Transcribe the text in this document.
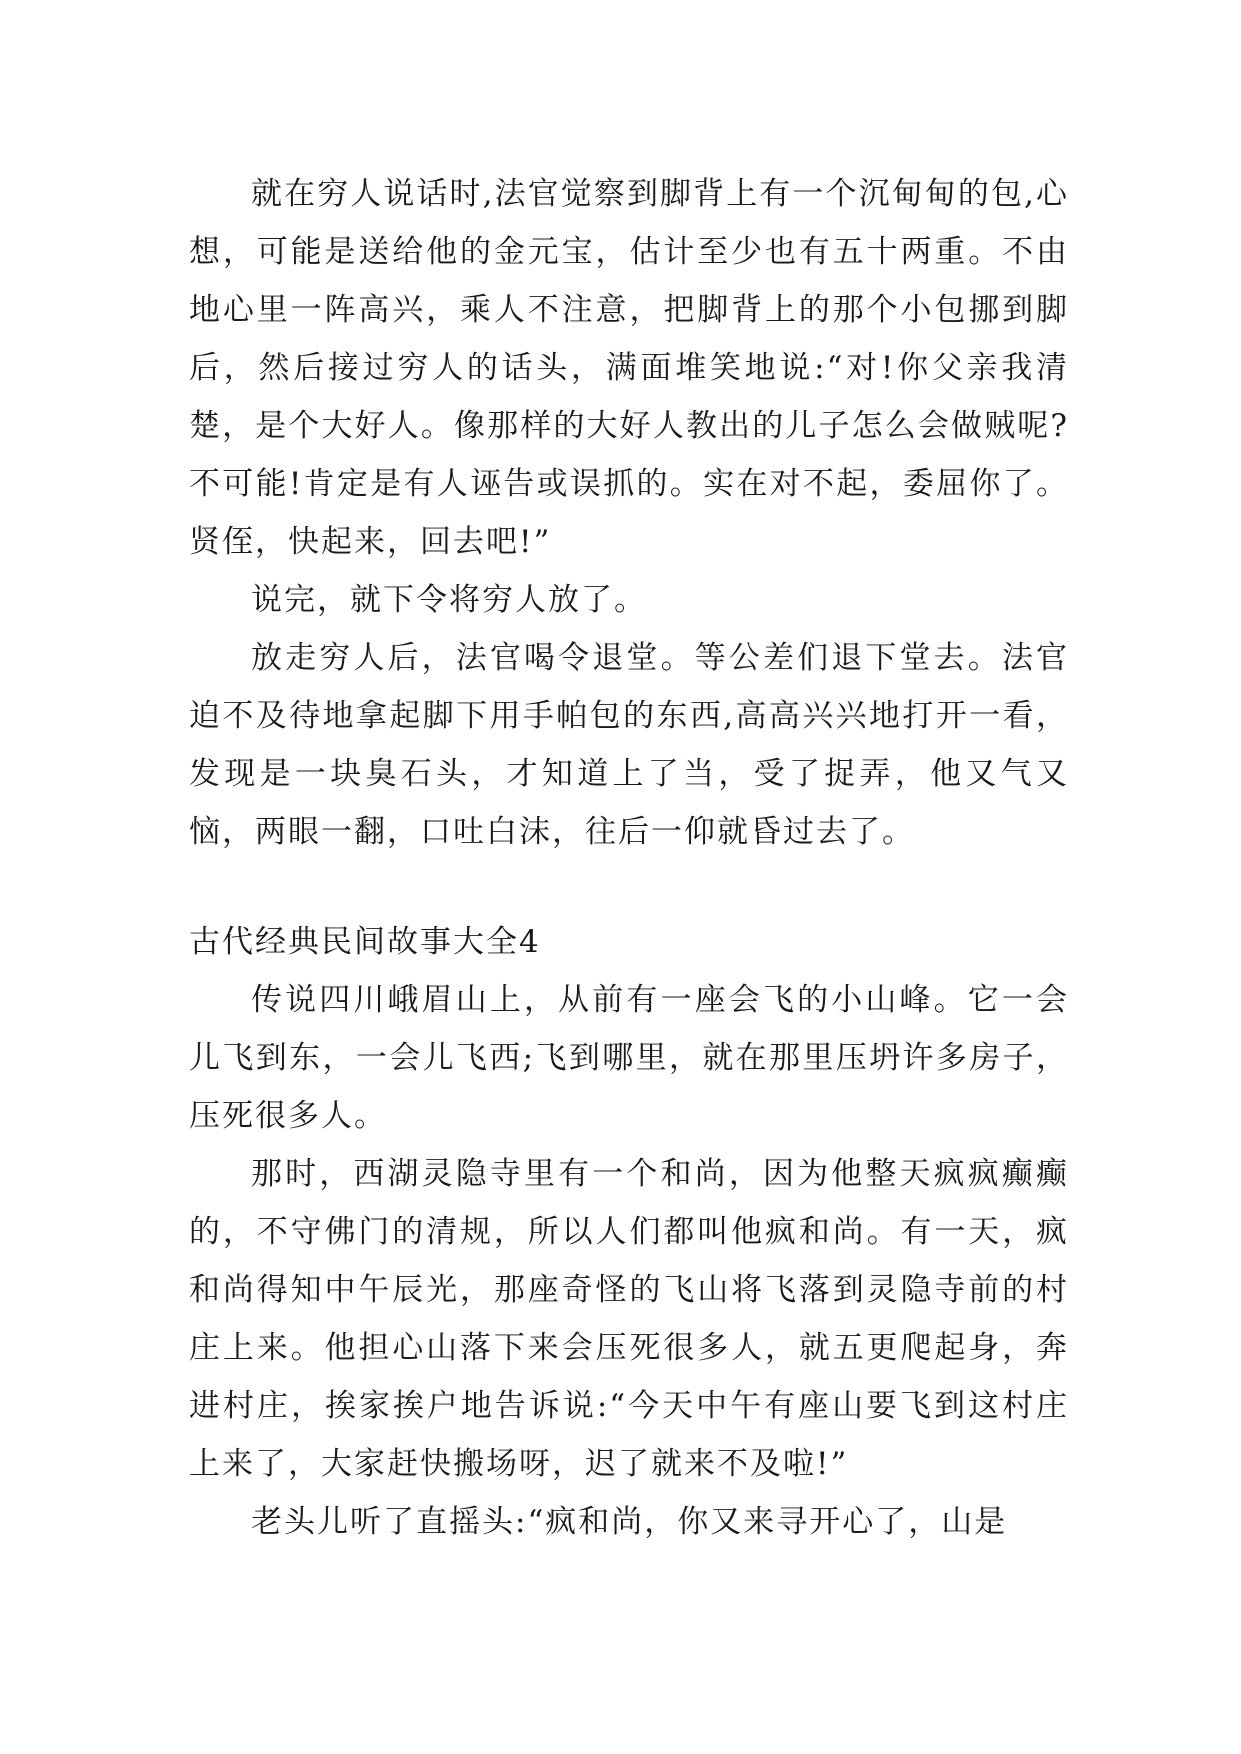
就在穷人说话时,法官觉察到脚背上有一个沉甸甸的包,心想，可能是送给他的金元宝，估计至少也有五十两重。不由地心里一阵高兴，乘人不注意，把脚背上的那个小包挪到脚后，然后接过穷人的话头，满面堆笑地说:“对!你父亲我清楚，是个大好人。像那样的大好人教出的儿子怎么会做贼呢?不可能!肯定是有人诬告或误抓的。实在对不起，委屈你了。贤侄，快起来，回去吧!”

说完，就下令将穷人放了。

放走穷人后，法官喝令退堂。等公差们退下堂去。法官迫不及待地拿起脚下用手帕包的东西,高高兴兴地打开一看，发现是一块臭石头，才知道上了当，受了捉弄，他又气又恼，两眼一翻，口吐白沫，往后一仰就昏过去了。

古代经典民间故事大全4

传说四川峨眉山上，从前有一座会飞的小山峰。它一会儿飞到东，一会儿飞西;飞到哪里，就在那里压坍许多房子，压死很多人。

那时，西湖灵隐寺里有一个和尚，因为他整天疯疯癫癫的，不守佛门的清规，所以人们都叫他疯和尚。有一天，疯和尚得知中午辰光，那座奇怪的飞山将飞落到灵隐寺前的村庄上来。他担心山落下来会压死很多人，就五更爬起身，奔进村庄，挨家挨户地告诉说:“今天中午有座山要飞到这村庄上来了，大家赶快搬场呀，迟了就来不及啦!”

老头儿听了直摇头:“疯和尚，你又来寻开心了，山是
